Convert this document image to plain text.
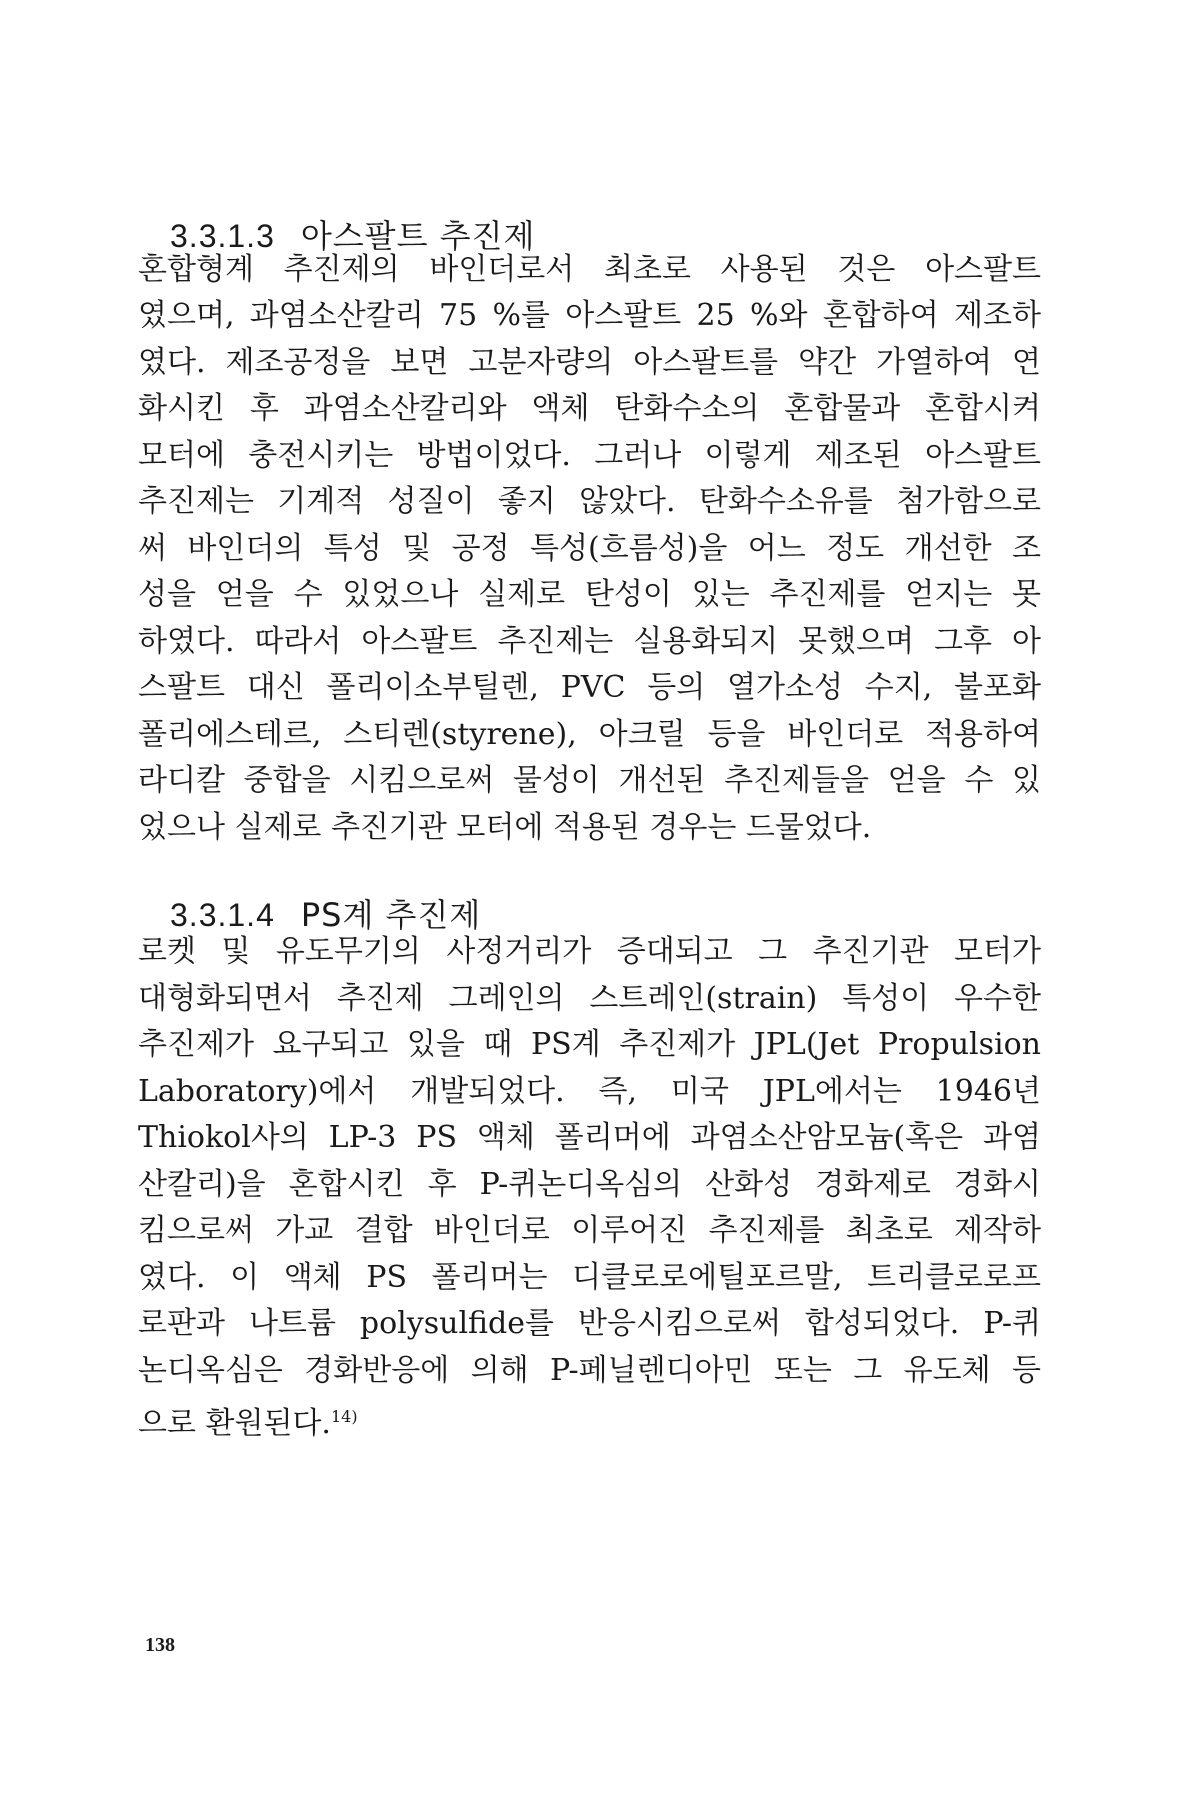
3.3.1.3 아스팔트 추진제
혼합형계 추진제의 바인더로서 최초로 사용된 것은 아스팔트
였으며, 과염소산칼리 75 %를 아스팔트 25 %와 혼합하여 제조하
였다. 제조공정을 보면 고분자량의 아스팔트를 약간 가열하여 연
화시킨 후 과염소산칼리와 액체 탄화수소의 혼합물과 혼합시켜
모터에 충전시키는 방법이었다. 그러나 이렇게 제조된 아스팔트
추진제는 기계적 성질이 좋지 않았다. 탄화수소유를 첨가함으로
써 바인더의 특성 및 공정 특성(흐름성)을 어느 정도 개선한 조
성을 얻을 수 있었으나 실제로 탄성이 있는 추진제를 얻지는 못
하였다. 따라서 아스팔트 추진제는 실용화되지 못했으며 그후 아
스팔트 대신 폴리이소부틸렌, PVC 등의 열가소성 수지, 불포화
폴리에스테르, 스티렌(styrene), 아크릴 등을 바인더로 적용하여
라디칼 중합을 시킴으로써 물성이 개선된 추진제들을 얻을 수 있
었으나 실제로 추진기관 모터에 적용된 경우는 드물었다.
3.3.1.4 PS계 추진제
로켓 및 유도무기의 사정거리가 증대되고 그 추진기관 모터가
대형화되면서 추진제 그레인의 스트레인(strain) 특성이 우수한
추진제가 요구되고 있을 때 PS계 추진제가 JPL(Jet Propulsion
Laboratory)에서 개발되었다. 즉, 미국 JPL에서는 1946년
Thiokol사의 LP-3 PS 액체 폴리머에 과염소산암모늄(혹은 과염
산칼리)을 혼합시킨 후 P-퀴논디옥심의 산화성 경화제로 경화시
킴으로써 가교 결합 바인더로 이루어진 추진제를 최초로 제작하
였다. 이 액체 PS 폴리머는 디클로로에틸포르말, 트리클로로프
로판과 나트륨 polysulfide를 반응시킴으로써 합성되었다. P-퀴
논디옥심은 경화반응에 의해 P-페닐렌디아민 또는 그 유도체 등
으로 환원된다.$^{14)}$
138
